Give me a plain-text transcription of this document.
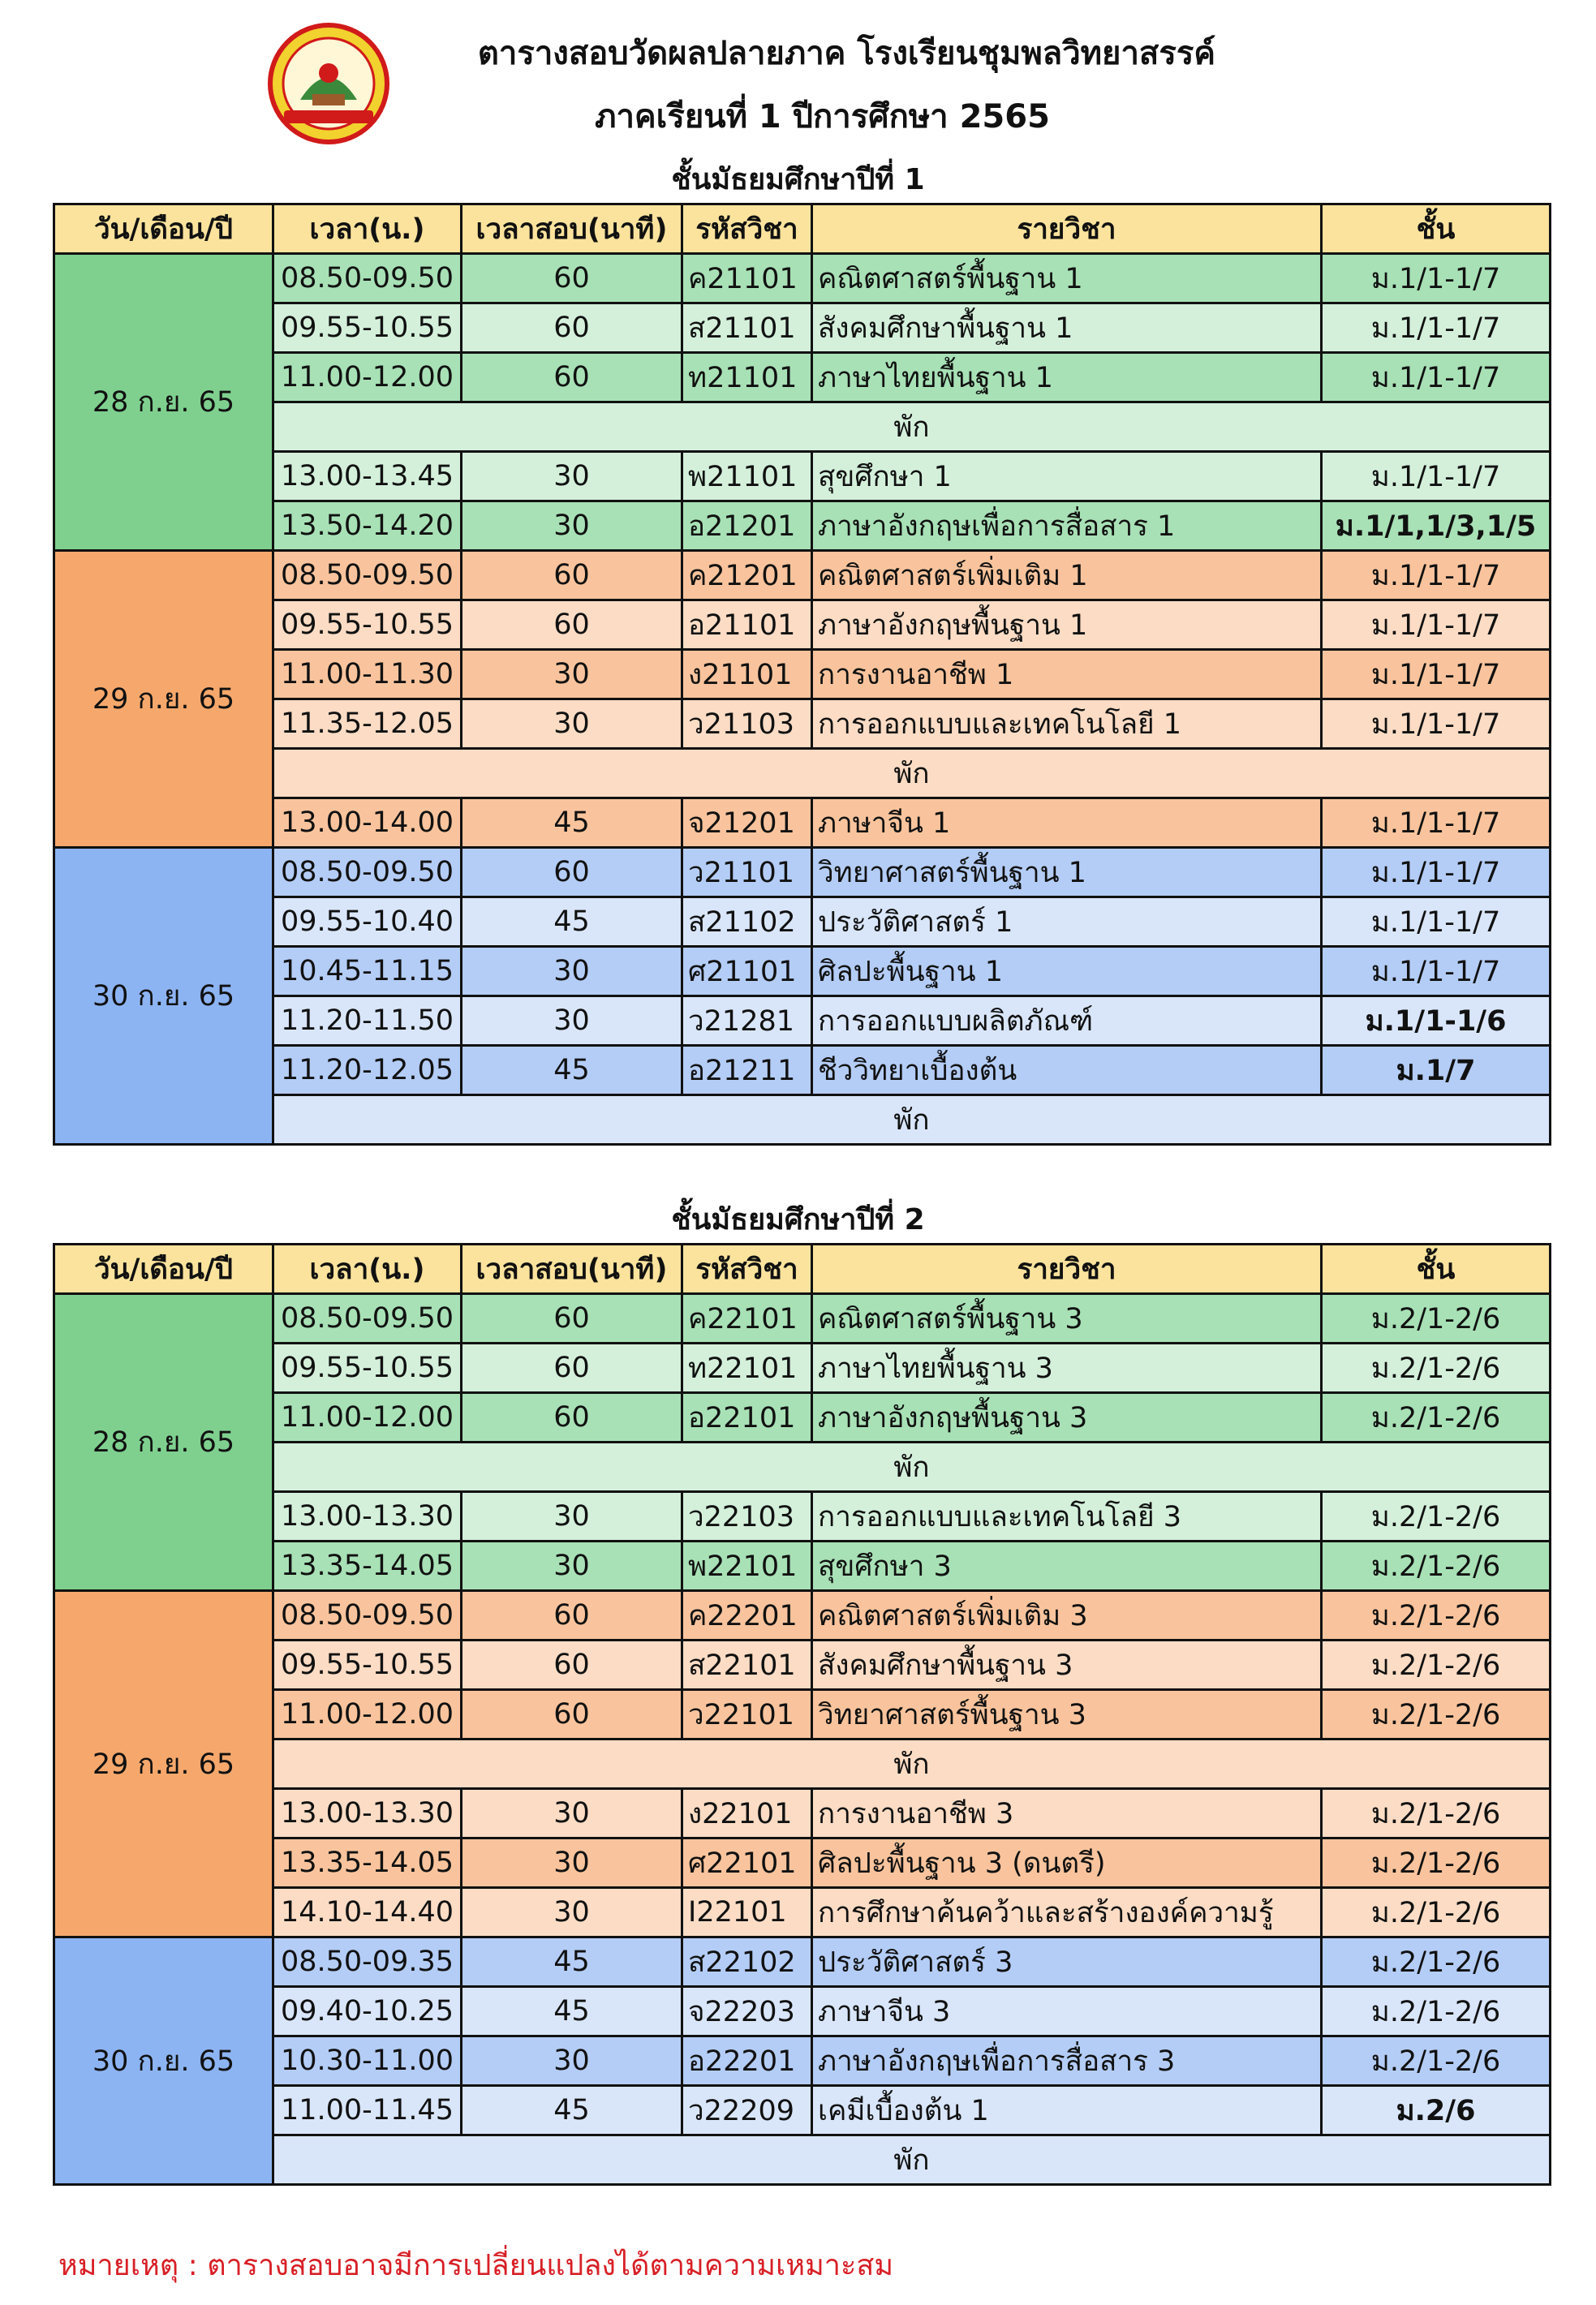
ตารางสอบวัดผลปลายภาค โรงเรียนชุมพลวิทยาสรรค์
ภาคเรียนที่ 1 ปีการศึกษา 2565
ชั้นมัธยมศึกษาปีที่ 1
วัน/เดือน/ปี	เวลา(น.)	เวลาสอบ(นาที)	รหัสวิชา	รายวิชา	ชั้น
28 ก.ย. 65	08.50-09.50	60	ค21101	คณิตศาสตร์พื้นฐาน 1	ม.1/1-1/7
	09.55-10.55	60	ส21101	สังคมศึกษาพื้นฐาน 1	ม.1/1-1/7
	11.00-12.00	60	ท21101	ภาษาไทยพื้นฐาน 1	ม.1/1-1/7
	พัก				
	13.00-13.45	30	พ21101	สุขศึกษา 1	ม.1/1-1/7
	13.50-14.20	30	อ21201	ภาษาอังกฤษเพื่อการสื่อสาร 1	ม.1/1,1/3,1/5
29 ก.ย. 65	08.50-09.50	60	ค21201	คณิตศาสตร์เพิ่มเติม 1	ม.1/1-1/7
	09.55-10.55	60	อ21101	ภาษาอังกฤษพื้นฐาน 1	ม.1/1-1/7
	11.00-11.30	30	ง21101	การงานอาชีพ 1	ม.1/1-1/7
	11.35-12.05	30	ว21103	การออกแบบและเทคโนโลยี 1	ม.1/1-1/7
	พัก				
	13.00-14.00	45	จ21201	ภาษาจีน 1	ม.1/1-1/7
30 ก.ย. 65	08.50-09.50	60	ว21101	วิทยาศาสตร์พื้นฐาน 1	ม.1/1-1/7
	09.55-10.40	45	ส21102	ประวัติศาสตร์ 1	ม.1/1-1/7
	10.45-11.15	30	ศ21101	ศิลปะพื้นฐาน 1	ม.1/1-1/7
	11.20-11.50	30	ว21281	การออกแบบผลิตภัณฑ์	ม.1/1-1/6
	11.20-12.05	45	อ21211	ชีววิทยาเบื้องต้น	ม.1/7
	พัก				
ชั้นมัธยมศึกษาปีที่ 2
วัน/เดือน/ปี	เวลา(น.)	เวลาสอบ(นาที)	รหัสวิชา	รายวิชา	ชั้น
28 ก.ย. 65	08.50-09.50	60	ค22101	คณิตศาสตร์พื้นฐาน 3	ม.2/1-2/6
	09.55-10.55	60	ท22101	ภาษาไทยพื้นฐาน 3	ม.2/1-2/6
	11.00-12.00	60	อ22101	ภาษาอังกฤษพื้นฐาน 3	ม.2/1-2/6
	พัก				
	13.00-13.30	30	ว22103	การออกแบบและเทคโนโลยี 3	ม.2/1-2/6
	13.35-14.05	30	พ22101	สุขศึกษา 3	ม.2/1-2/6
29 ก.ย. 65	08.50-09.50	60	ค22201	คณิตศาสตร์เพิ่มเติม 3	ม.2/1-2/6
	09.55-10.55	60	ส22101	สังคมศึกษาพื้นฐาน 3	ม.2/1-2/6
	11.00-12.00	60	ว22101	วิทยาศาสตร์พื้นฐาน 3	ม.2/1-2/6
	พัก				
	13.00-13.30	30	ง22101	การงานอาชีพ 3	ม.2/1-2/6
	13.35-14.05	30	ศ22101	ศิลปะพื้นฐาน 3 (ดนตรี)	ม.2/1-2/6
	14.10-14.40	30	I22101	การศึกษาค้นคว้าและสร้างองค์ความรู้	ม.2/1-2/6
30 ก.ย. 65	08.50-09.35	45	ส22102	ประวัติศาสตร์ 3	ม.2/1-2/6
	09.40-10.25	45	จ22203	ภาษาจีน 3	ม.2/1-2/6
	10.30-11.00	30	อ22201	ภาษาอังกฤษเพื่อการสื่อสาร 3	ม.2/1-2/6
	11.00-11.45	45	ว22209	เคมีเบื้องต้น 1	ม.2/6
	พัก				
หมายเหตุ : ตารางสอบอาจมีการเปลี่ยนแปลงได้ตามความเหมาะสม
